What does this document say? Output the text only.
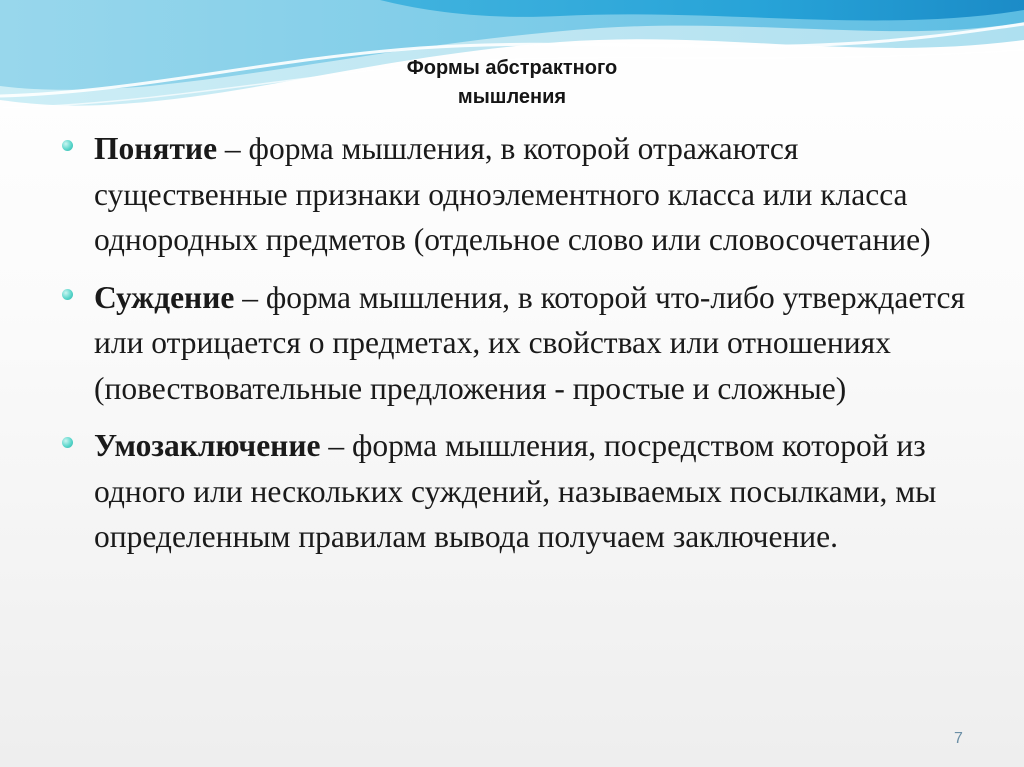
Формы абстрактного
мышления
Понятие – форма мышления, в которой отражаются существенные признаки одноэлементного класса или класса однородных предметов (отдельное слово или словосочетание)
Суждение – форма мышления, в которой что-либо утверждается или отрицается о предметах, их свойствах или отношениях (повествовательные предложения - простые и сложные)
Умозаключение – форма мышления, посредством которой из одного или нескольких суждений, называемых посылками, мы определенным правилам вывода получаем заключение.
7
